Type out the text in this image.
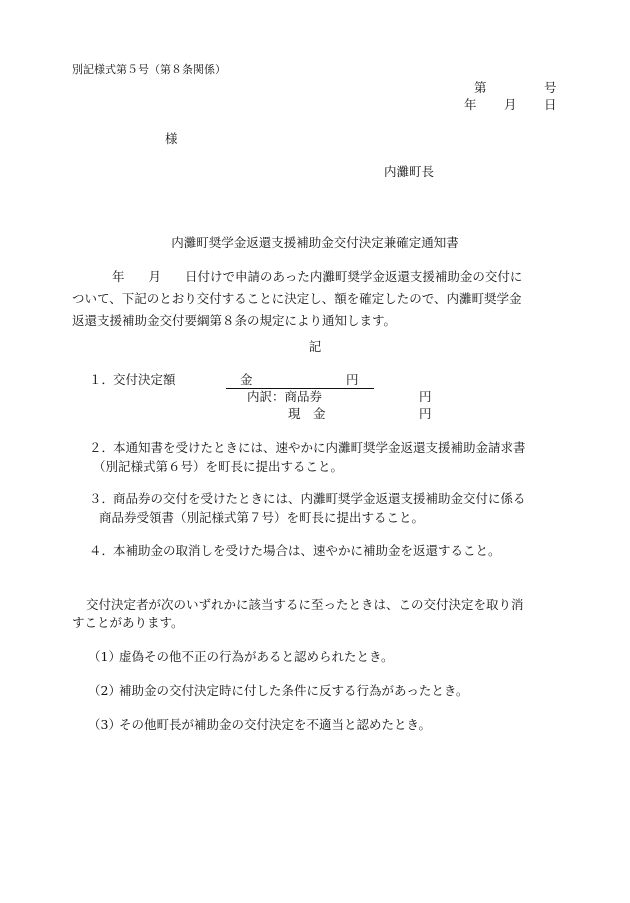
別記様式第５号（第８条関係）
第	号
年 月 日
様
内灘町長
内灘町奨学金返還支援補助金交付決定兼確定通知書
年 月 日付けで申請のあった内灘町奨学金返還支援補助金の交付に
ついて、下記のとおり交付することに決定し、額を確定したので、内灘町奨学金
返還支援補助金交付要綱第８条の規定により通知します。
記
１．
交付決定額	金	円

内訳：商品券	円
現　金	円
２．
本通知書を受けたときには、速やかに内灘町奨学金返還支援補助金請求書
（別記様式第６号）を町長に提出すること。
３．
商品券の交付を受けたときには、内灘町奨学金返還支援補助金交付に係る
商品券受領書（別記様式第７号）を町長に提出すること。
４．
本補助金の取消しを受けた場合は、速やかに補助金を返還すること。
交付決定者が次のいずれかに該当するに至ったときは、この交付決定を取り消
すことがあります。
（1）
虚偽その他不正の行為があると認められたとき。
（2）
補助金の交付決定時に付した条件に反する行為があったとき。
（3）
その他町長が補助金の交付決定を不適当と認めたとき。
